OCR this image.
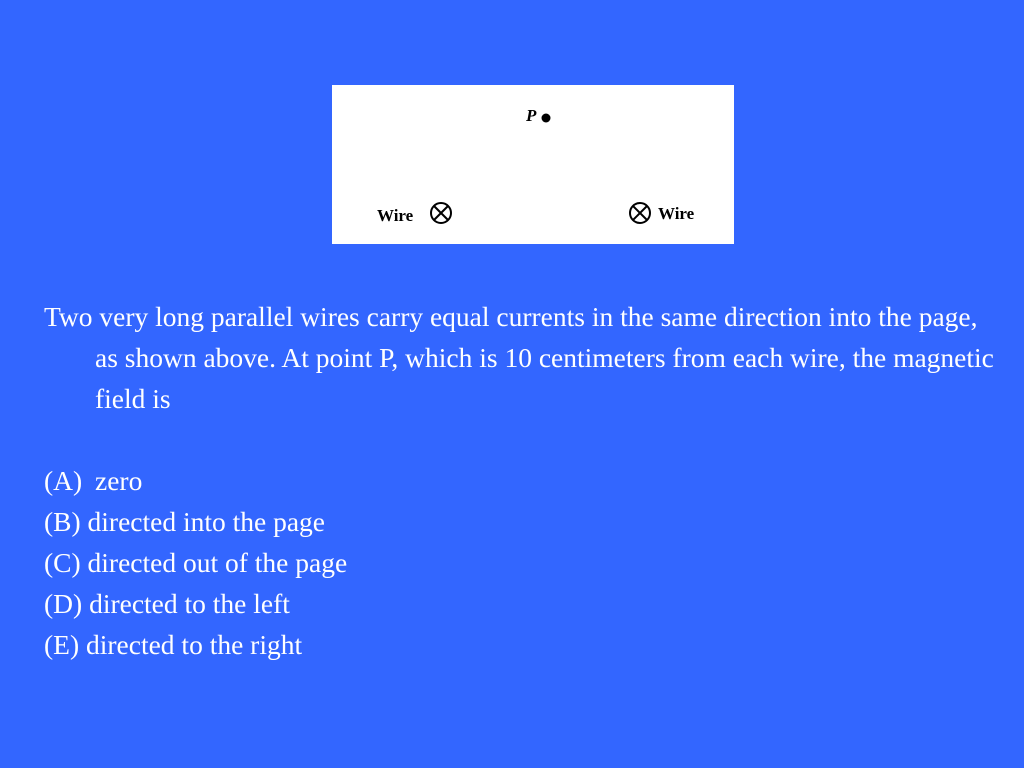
P
Wire	Wire

Two very long parallel wires carry equal currents in the same direction into the page, as shown above. At point P, which is 10 centimeters from each wire, the magnetic field is

(A) zero
(B) directed into the page
(C) directed out of the page
(D) directed to the left
(E) directed to the right
